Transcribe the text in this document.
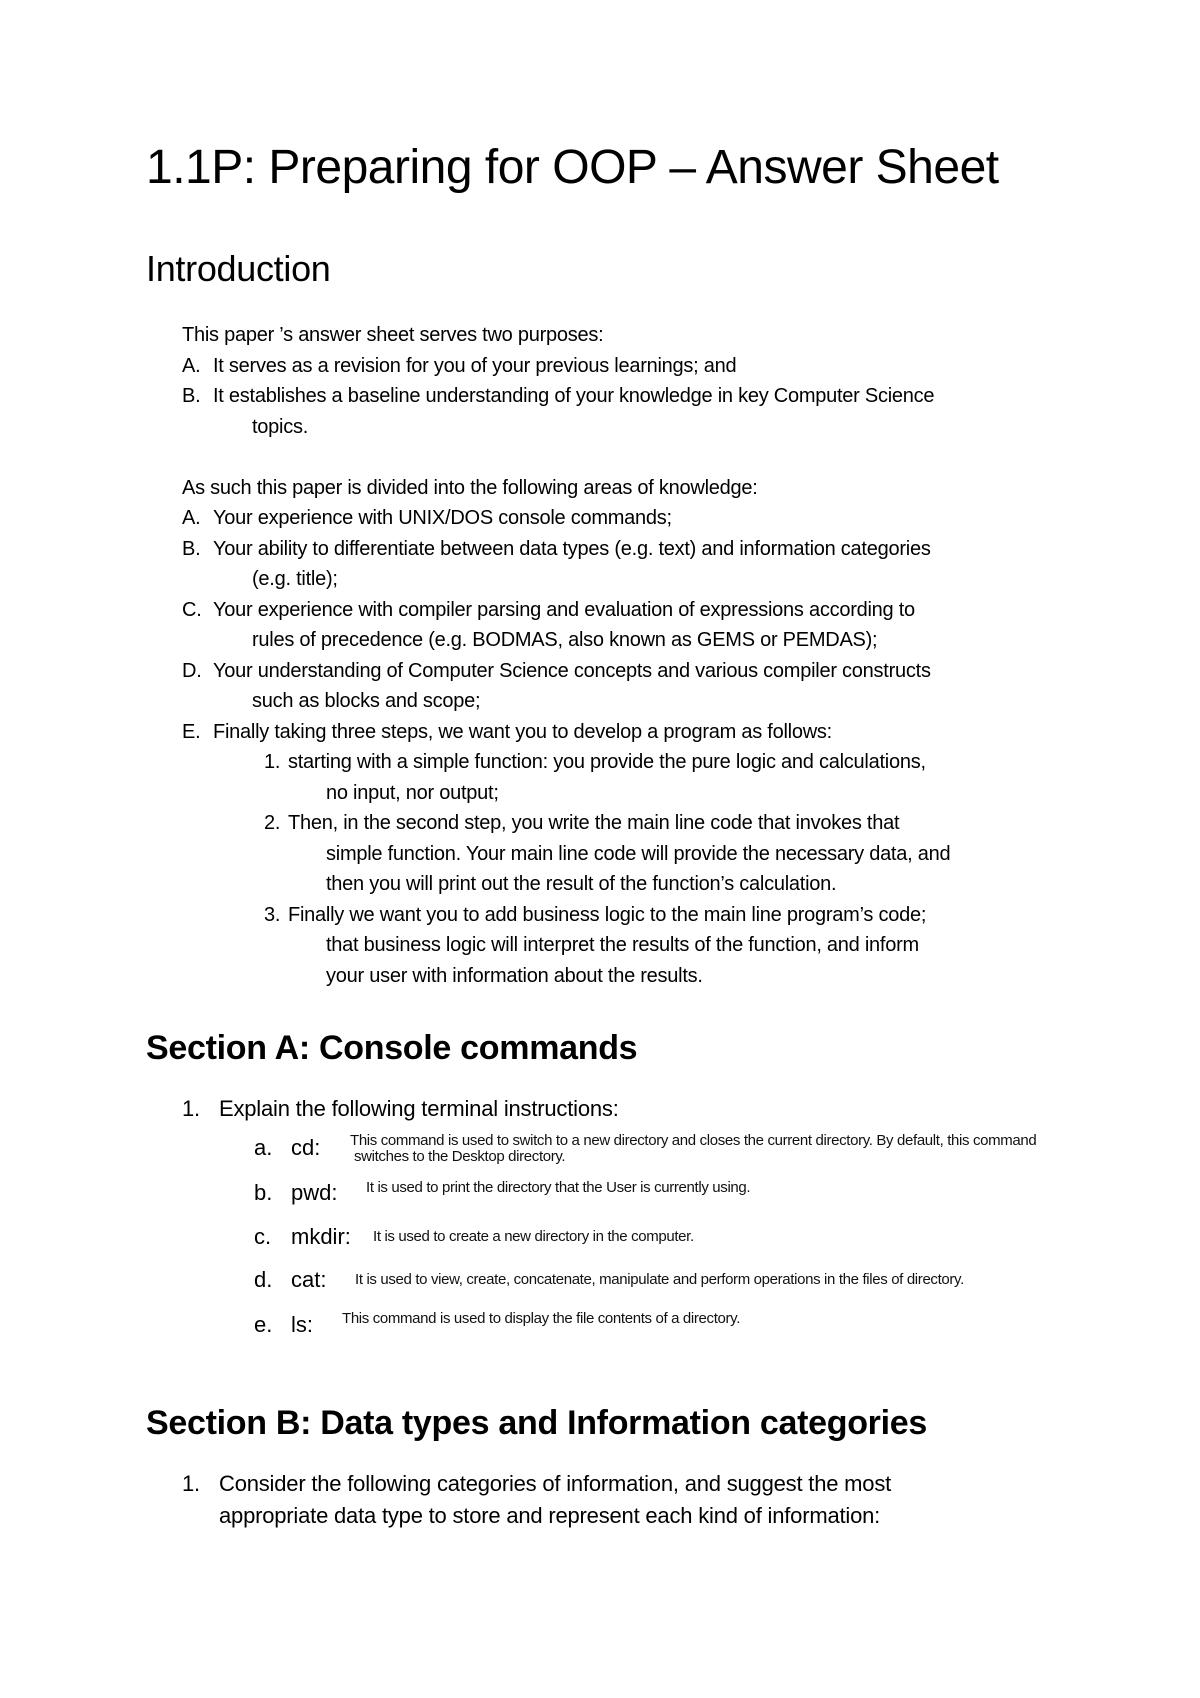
1.1P: Preparing for OOP – Answer Sheet
Introduction
This paper ’s answer sheet serves two purposes:
A. It serves as a revision for you of your previous learnings; and
B. It establishes a baseline understanding of your knowledge in key Computer Science
topics.
As such this paper is divided into the following areas of knowledge:
A. Your experience with UNIX/DOS console commands;
B. Your ability to differentiate between data types (e.g. text) and information categories
(e.g. title);
C. Your experience with compiler parsing and evaluation of expressions according to
rules of precedence (e.g. BODMAS, also known as GEMS or PEMDAS);
D. Your understanding of Computer Science concepts and various compiler constructs
such as blocks and scope;
E. Finally taking three steps, we want you to develop a program as follows:
1. starting with a simple function: you provide the pure logic and calculations,
no input, nor output;
2. Then, in the second step, you write the main line code that invokes that
simple function. Your main line code will provide the necessary data, and
then you will print out the result of the function’s calculation.
3. Finally we want you to add business logic to the main line program’s code;
that business logic will interpret the results of the function, and inform
your user with information about the results.
Section A: Console commands
1. Explain the following terminal instructions:
a. cd: This command is used to switch to a new directory and closes the current directory. By default, this command
switches to the Desktop directory.
b. pwd: It is used to print the directory that the User is currently using.
c. mkdir: It is used to create a new directory in the computer.
d. cat: It is used to view, create, concatenate, manipulate and perform operations in the files of directory.
e. ls: This command is used to display the file contents of a directory.
Section B: Data types and Information categories
1. Consider the following categories of information, and suggest the most
appropriate data type to store and represent each kind of information:
